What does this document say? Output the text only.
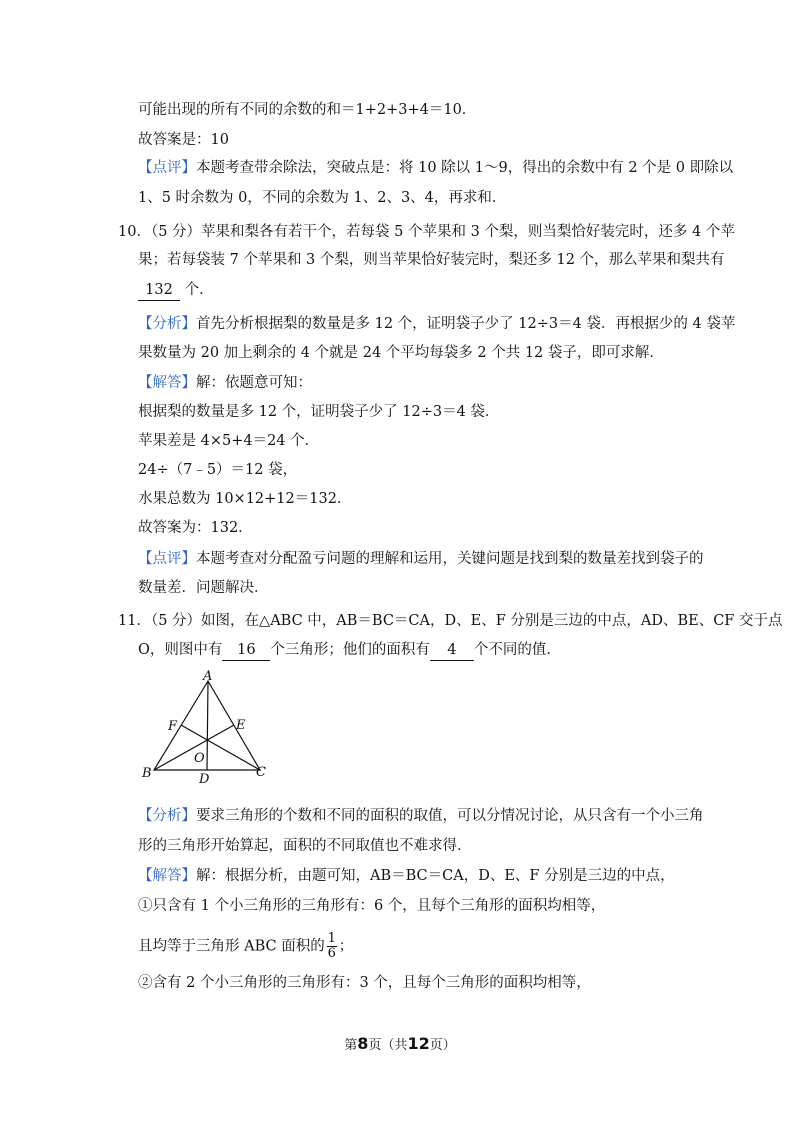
可能出现的所有不同的余数的和＝1+2+3+4＝10．
故答案是：10
【点评】本题考查带余除法，突破点是：将 10 除以 1～9，得出的余数中有 2 个是 0 即除以
1、5 时余数为 0，不同的余数为 1、2、3、4，再求和．
10．（5 分）苹果和梨各有若干个，若每袋 5 个苹果和 3 个梨，则当梨恰好装完时，还多 4 个苹
果；若每袋装 7 个苹果和 3 个梨，则当苹果恰好装完时，梨还多 12 个，那么苹果和梨共有
132 个．
【分析】首先分析根据梨的数量是多 12 个，证明袋子少了 12÷3＝4 袋．再根据少的 4 袋苹
果数量为 20 加上剩余的 4 个就是 24 个平均每袋多 2 个共 12 袋子，即可求解．
【解答】解：依题意可知：
根据梨的数量是多 12 个，证明袋子少了 12÷3＝4 袋．
苹果差是 4×5+4＝24 个．
24÷（7﹣5）＝12 袋，
水果总数为 10×12+12＝132．
故答案为：132．
【点评】本题考查对分配盈亏问题的理解和运用，关键问题是找到梨的数量差找到袋子的
数量差．问题解决．
11．（5 分）如图，在△ABC 中，AB＝BC＝CA，D、E、F 分别是三边的中点，AD、BE、CF 交于点
O，则图中有 16 个三角形；他们的面积有 4 个不同的值．
A
B	C
D
E
F
O
【分析】要求三角形的个数和不同的面积的取值，可以分情况讨论，从只含有一个小三角
形的三角形开始算起，面积的不同取值也不难求得．
【解答】解：根据分析，由题可知，AB＝BC＝CA，D、E、F 分别是三边的中点，
①只含有 1 个小三角形的三角形有：6 个，且每个三角形的面积均相等，
且均等于三角形 ABC 面积的 $\frac{1}{6}$ ；
②含有 2 个小三角形的三角形有：3 个，且每个三角形的面积均相等，
第8页（共12页）
